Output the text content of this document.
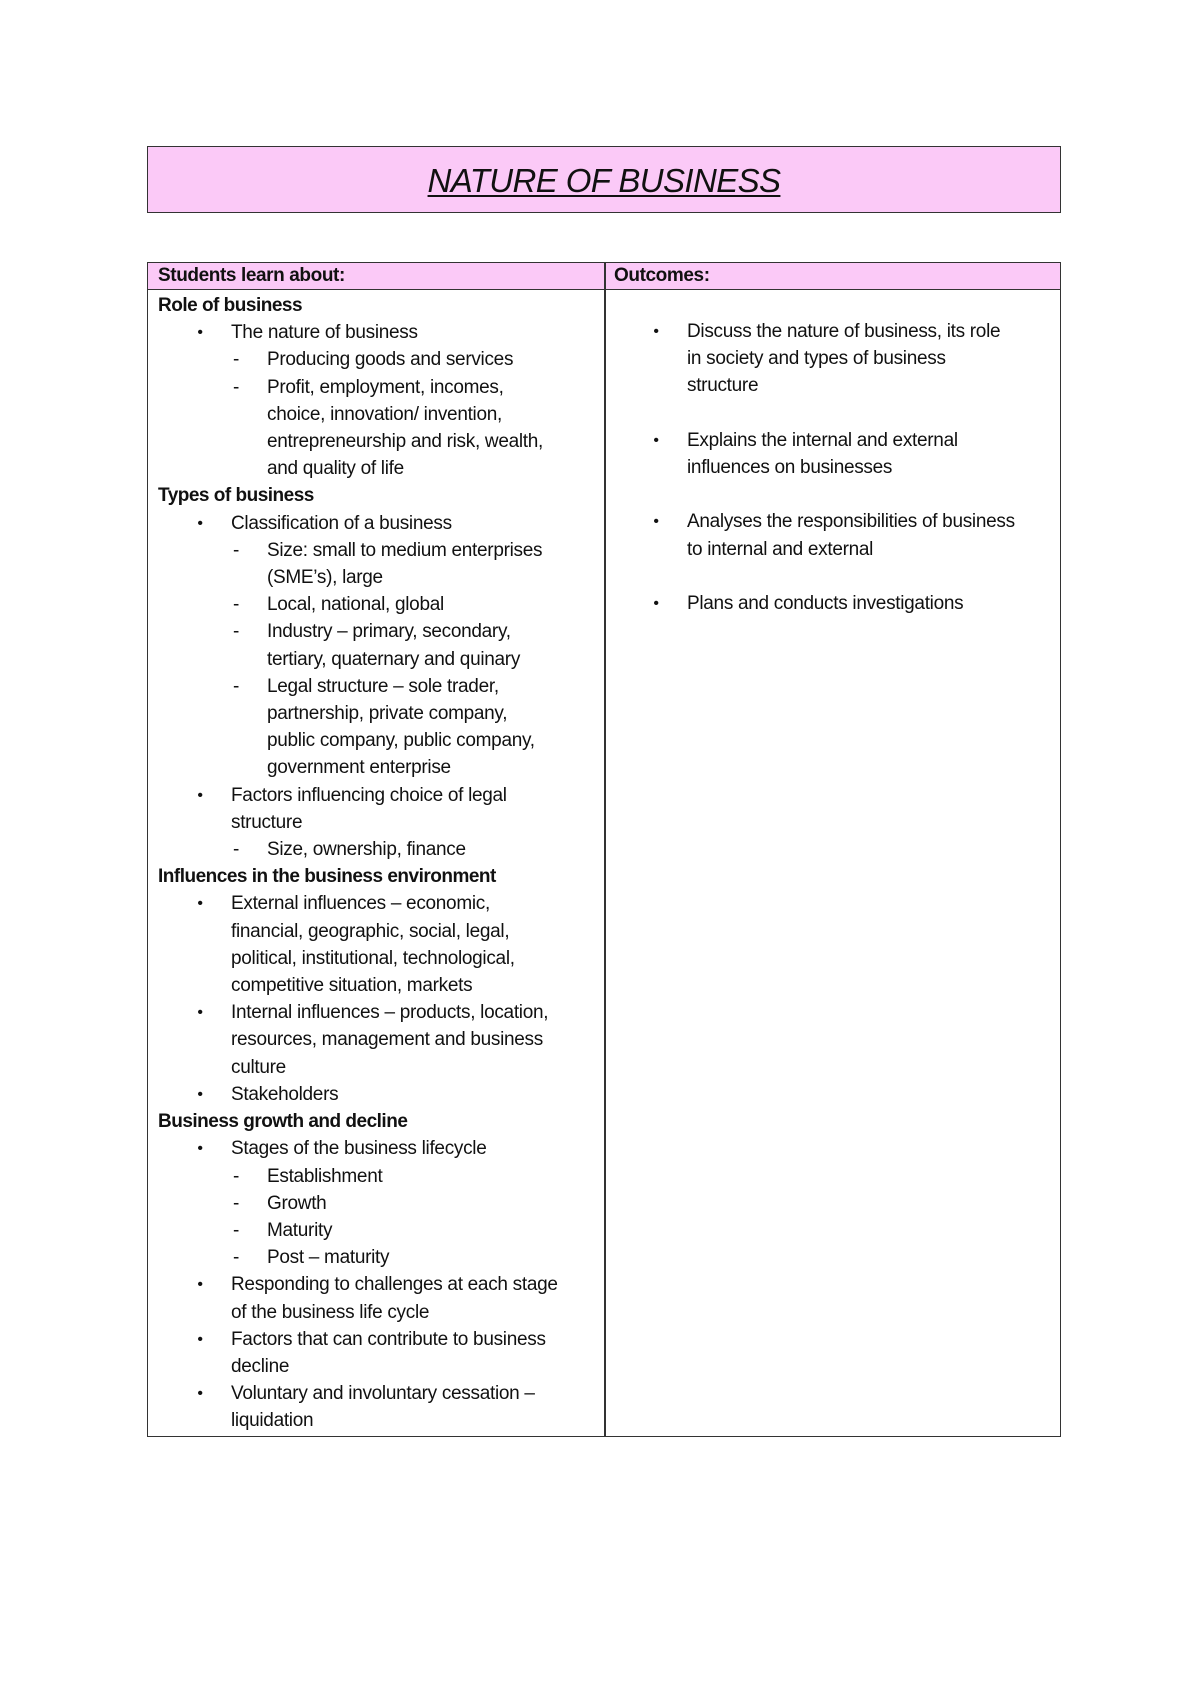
NATURE OF BUSINESS
Students learn about:	Outcomes:
Role of business
• The nature of business
- Producing goods and services
- Profit, employment, incomes,
choice, innovation/ invention,
entrepreneurship and risk, wealth,
and quality of life
Types of business
• Classification of a business
- Size: small to medium enterprises
(SME’s), large
- Local, national, global
- Industry – primary, secondary,
tertiary, quaternary and quinary
- Legal structure – sole trader,
partnership, private company,
public company, public company,
government enterprise
• Factors influencing choice of legal
structure
- Size, ownership, finance
Influences in the business environment
• External influences – economic,
financial, geographic, social, legal,
political, institutional, technological,
competitive situation, markets
• Internal influences – products, location,
resources, management and business
culture
• Stakeholders
Business growth and decline
• Stages of the business lifecycle
- Establishment
- Growth
- Maturity
- Post – maturity
• Responding to challenges at each stage
of the business life cycle
• Factors that can contribute to business
decline
• Voluntary and involuntary cessation –
liquidation
• Discuss the nature of business, its role
in society and types of business
structure
• Explains the internal and external
influences on businesses
• Analyses the responsibilities of business
to internal and external
• Plans and conducts investigations
